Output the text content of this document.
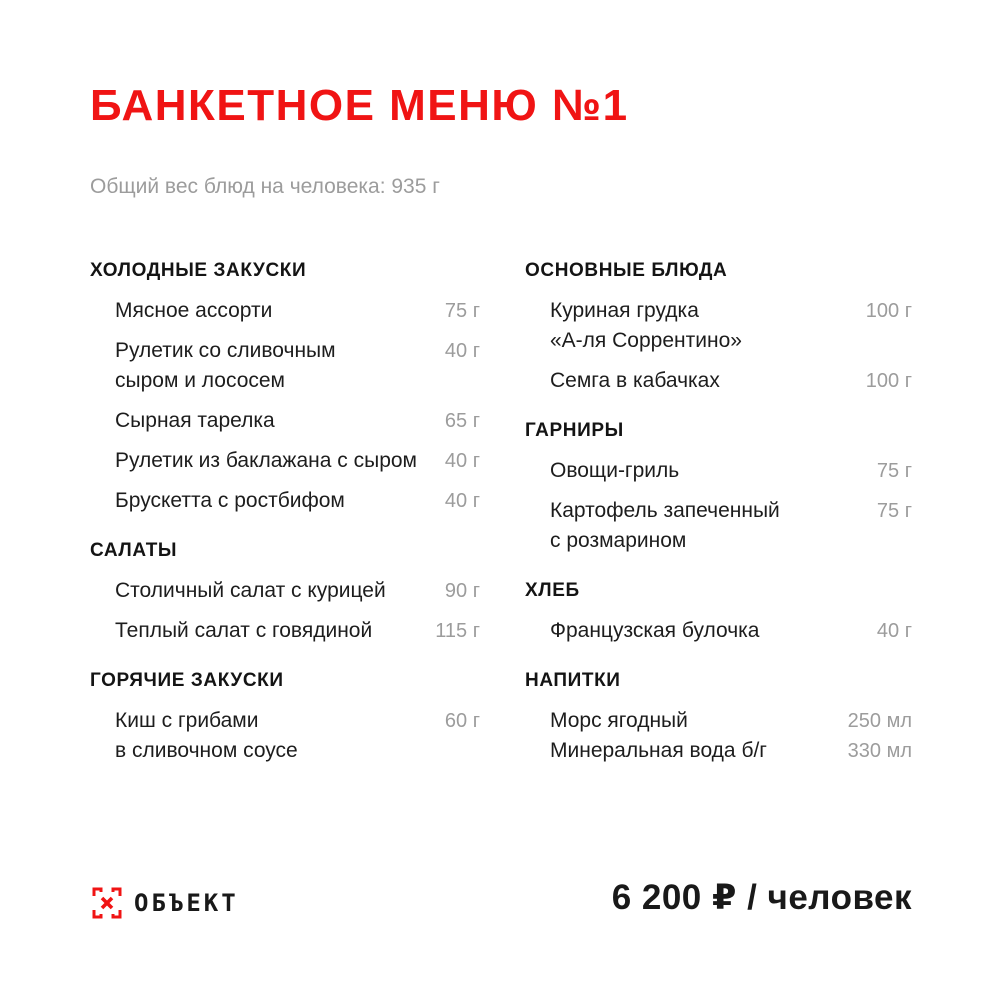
БАНКЕТНОЕ МЕНЮ №1
Общий вес блюд на человека: 935 г
ХОЛОДНЫЕ ЗАКУСКИ
Мясное ассорти	75 г
Рулетик со сливочным	40 г
сыром и лососем
Сырная тарелка	65 г
Рулетик из баклажана с сыром	40 г
Брускетта с ростбифом	40 г
САЛАТЫ
Столичный салат с курицей	90 г
Теплый салат с говядиной	115 г
ГОРЯЧИЕ ЗАКУСКИ
Киш с грибами	60 г
в сливочном соусе
ОСНОВНЫЕ БЛЮДА
Куриная грудка	100 г
«А-ля Соррентино»
Семга в кабачках	100 г
ГАРНИРЫ
Овощи-гриль	75 г
Картофель запеченный	75 г
с розмарином
ХЛЕБ
Французская булочка	40 г
НАПИТКИ
Морс ягодный	250 мл
Минеральная вода б/г	330 мл
ОБЪЕКТ	6 200 ₽ / человек
